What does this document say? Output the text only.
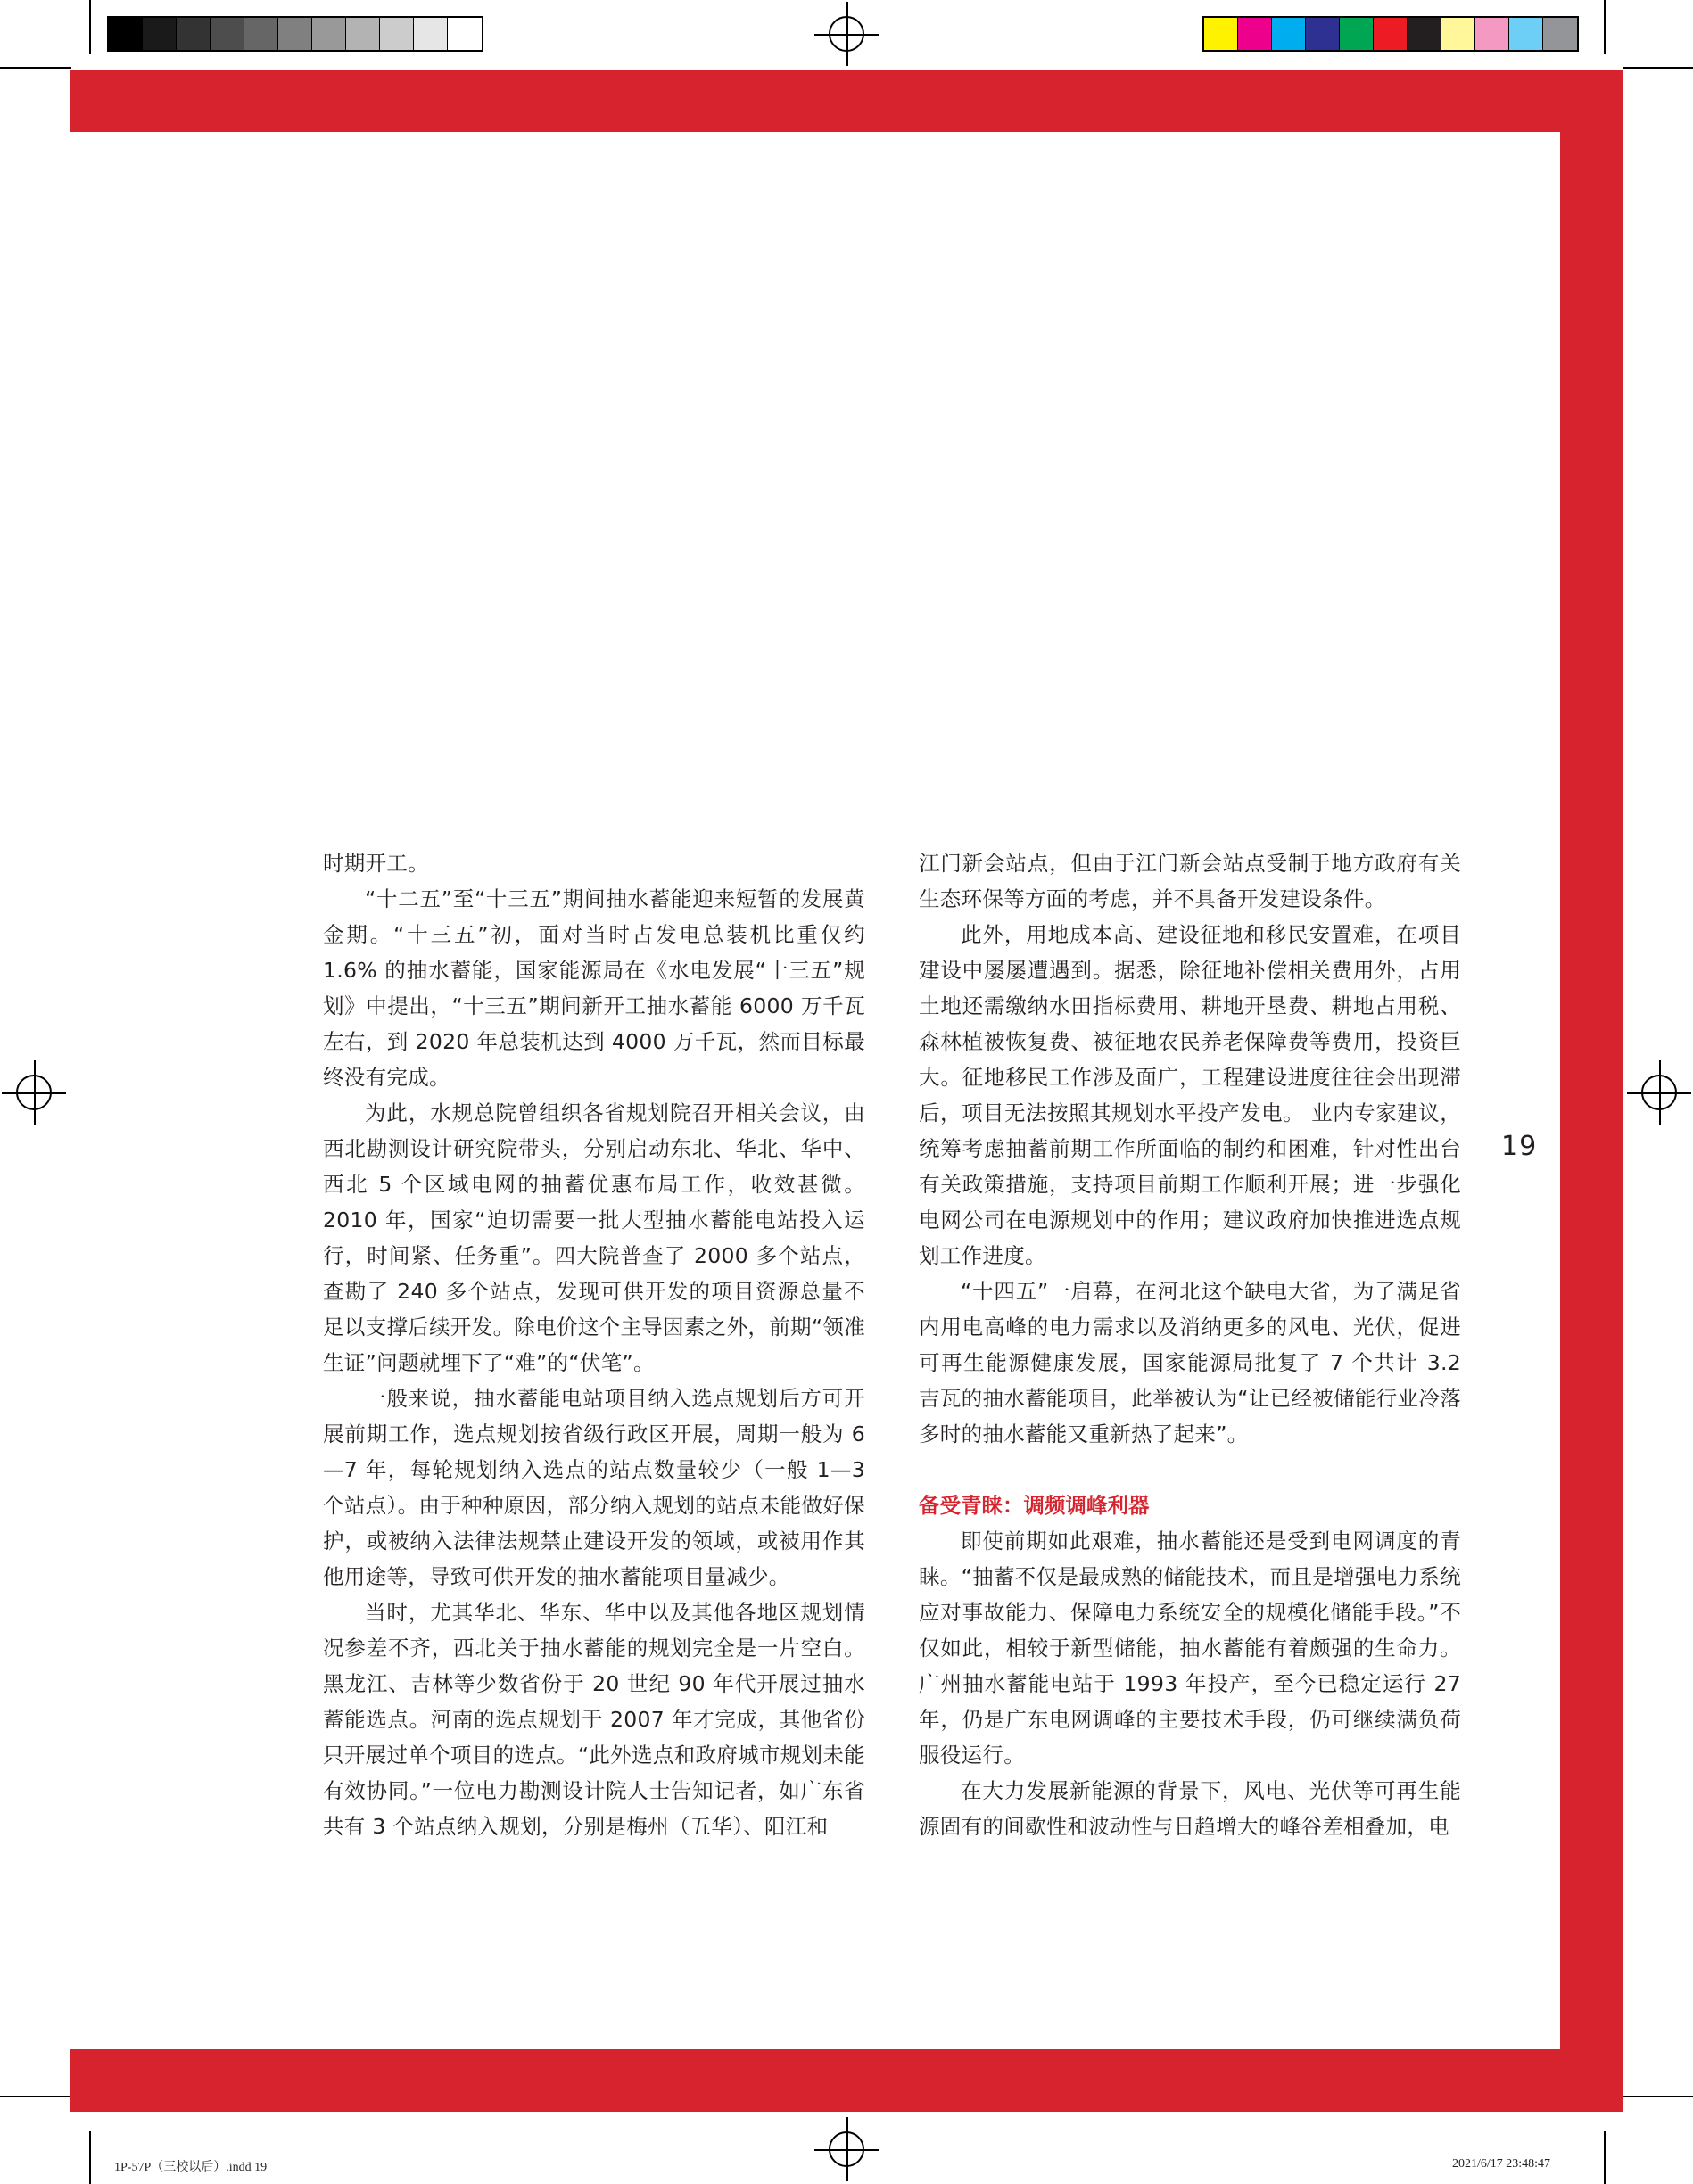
时期开工。

“十二五”至“十三五”期间抽水蓄能迎来短暂的发展黄金期。“十三五”初，面对当时占发电总装机比重仅约 1.6% 的抽水蓄能，国家能源局在《水电发展“十三五”规划》中提出，“十三五”期间新开工抽水蓄能 6000 万千瓦左右，到 2020 年总装机达到 4000 万千瓦，然而目标最终没有完成。

为此，水规总院曾组织各省规划院召开相关会议，由西北勘测设计研究院带头，分别启动东北、华北、华中、西北 5 个区域电网的抽蓄优惠布局工作，收效甚微。2010 年，国家“迫切需要一批大型抽水蓄能电站投入运行，时间紧、任务重”。四大院普查了 2000 多个站点，查勘了 240 多个站点，发现可供开发的项目资源总量不足以支撑后续开发。除电价这个主导因素之外，前期“领准生证”问题就埋下了“难”的“伏笔”。

一般来说，抽水蓄能电站项目纳入选点规划后方可开展前期工作，选点规划按省级行政区开展，周期一般为 6—7 年，每轮规划纳入选点的站点数量较少（一般 1—3 个站点）。由于种种原因，部分纳入规划的站点未能做好保护，或被纳入法律法规禁止建设开发的领域，或被用作其他用途等，导致可供开发的抽水蓄能项目量减少。

当时，尤其华北、华东、华中以及其他各地区规划情况参差不齐，西北关于抽水蓄能的规划完全是一片空白。黑龙江、吉林等少数省份于 20 世纪 90 年代开展过抽水蓄能选点。河南的选点规划于 2007 年才完成，其他省份只开展过单个项目的选点。“此外选点和政府城市规划未能有效协同。”一位电力勘测设计院人士告知记者，如广东省共有 3 个站点纳入规划，分别是梅州（五华）、阳江和

江门新会站点，但由于江门新会站点受制于地方政府有关生态环保等方面的考虑，并不具备开发建设条件。

此外，用地成本高、建设征地和移民安置难，在项目建设中屡屡遭遇到。据悉，除征地补偿相关费用外，占用土地还需缴纳水田指标费用、耕地开垦费、耕地占用税、森林植被恢复费、被征地农民养老保障费等费用，投资巨大。征地移民工作涉及面广，工程建设进度往往会出现滞后，项目无法按照其规划水平投产发电。 业内专家建议，统筹考虑抽蓄前期工作所面临的制约和困难，针对性出台有关政策措施，支持项目前期工作顺利开展；进一步强化电网公司在电源规划中的作用；建议政府加快推进选点规划工作进度。

“十四五”一启幕，在河北这个缺电大省，为了满足省内用电高峰的电力需求以及消纳更多的风电、光伏，促进可再生能源健康发展，国家能源局批复了 7 个共计 3.2 吉瓦的抽水蓄能项目，此举被认为“让已经被储能行业冷落多时的抽水蓄能又重新热了起来”。

备受青睐：调频调峰利器

即使前期如此艰难，抽水蓄能还是受到电网调度的青睐。“抽蓄不仅是最成熟的储能技术，而且是增强电力系统应对事故能力、保障电力系统安全的规模化储能手段。”不仅如此，相较于新型储能，抽水蓄能有着颇强的生命力。广州抽水蓄能电站于 1993 年投产，至今已稳定运行 27 年，仍是广东电网调峰的主要技术手段，仍可继续满负荷服役运行。

在大力发展新能源的背景下，风电、光伏等可再生能源固有的间歇性和波动性与日趋增大的峰谷差相叠加，电

19
1P-57P（三校以后）.indd 19	2021/6/17 23:48:47
